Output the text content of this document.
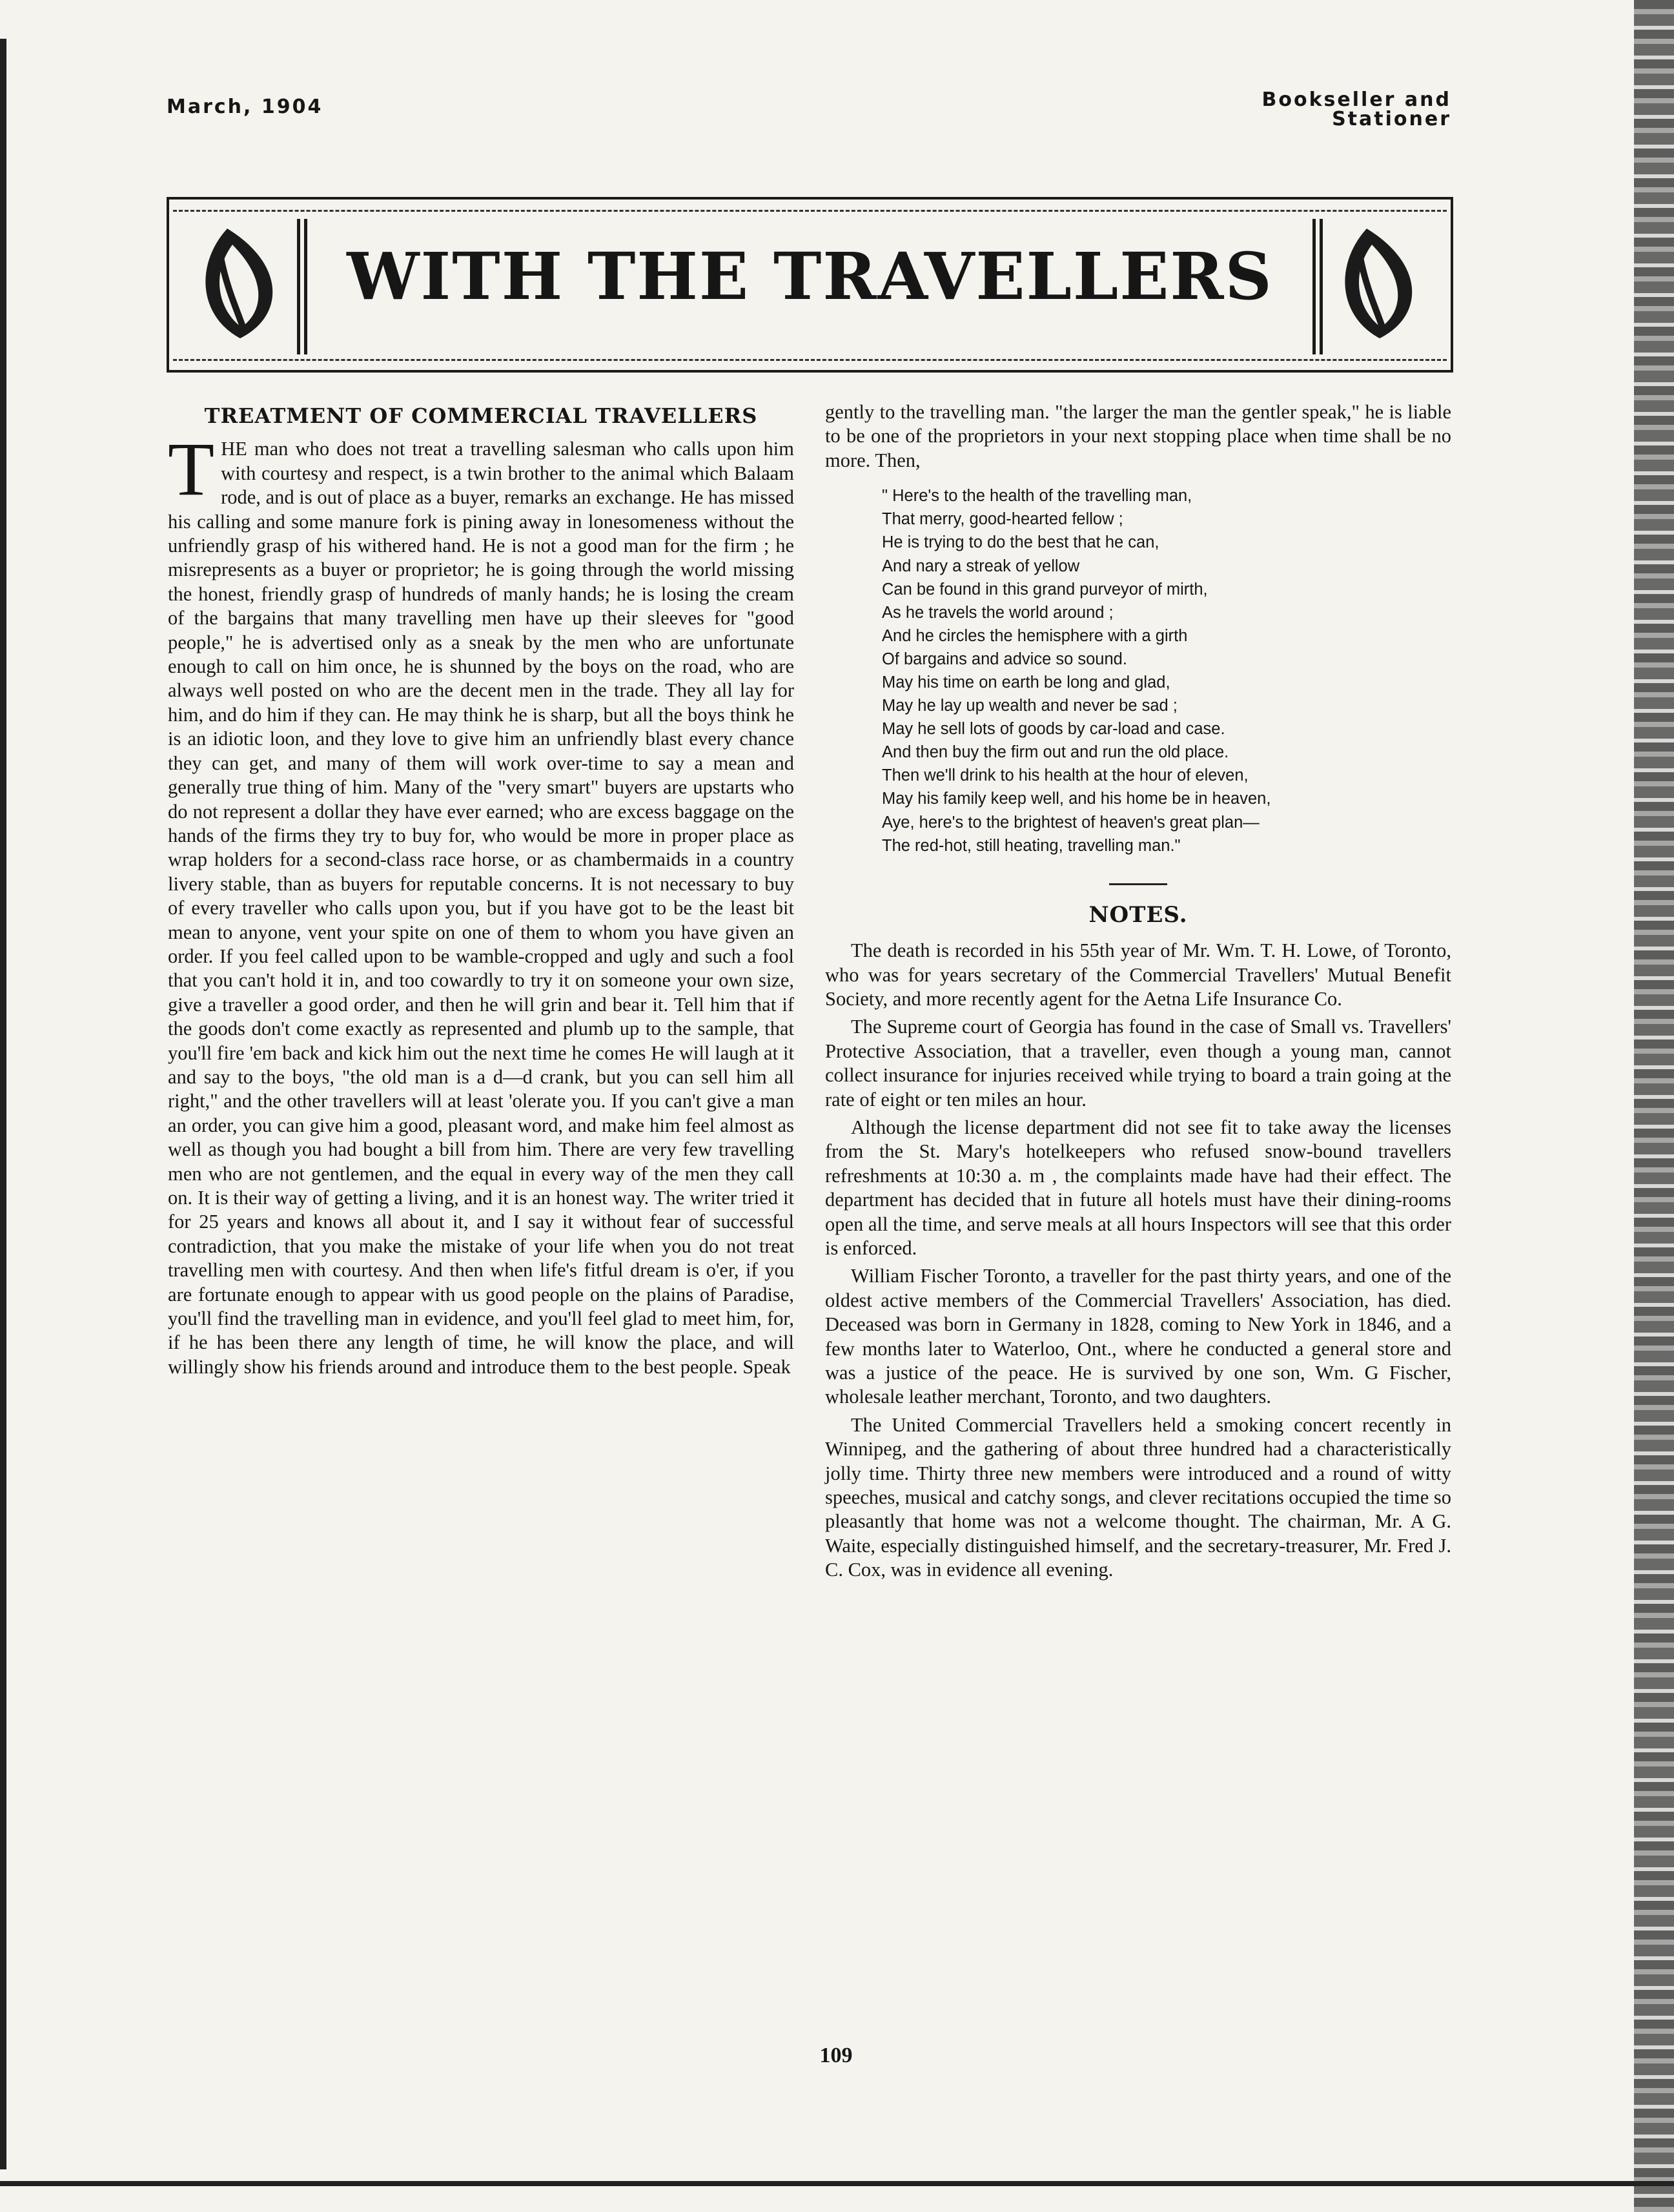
March, 1904	Bookseller and
Stationer
WITH THE TRAVELLERS
TREATMENT OF COMMERCIAL TRAVELLERS

THE man who does not treat a travelling salesman who calls upon him with courtesy and respect, is a twin brother to the animal which Balaam rode, and is out of place as a buyer, remarks an exchange. He has missed his calling and some manure fork is pining away in lonesomeness without the unfriendly grasp of his withered hand. He is not a good man for the firm ; he misrepresents as a buyer or proprietor; he is going through the world missing the honest, friendly grasp of hundreds of manly hands; he is losing the cream of the bargains that many travelling men have up their sleeves for "good people," he is advertised only as a sneak by the men who are unfortunate enough to call on him once, he is shunned by the boys on the road, who are always well posted on who are the decent men in the trade. They all lay for him, and do him if they can. He may think he is sharp, but all the boys think he is an idiotic loon, and they love to give him an unfriendly blast every chance they can get, and many of them will work over-time to say a mean and generally true thing of him. Many of the "very smart" buyers are upstarts who do not represent a dollar they have ever earned; who are excess baggage on the hands of the firms they try to buy for, who would be more in proper place as wrap holders for a second-class race horse, or as chambermaids in a country livery stable, than as buyers for reputable concerns. It is not necessary to buy of every traveller who calls upon you, but if you have got to be the least bit mean to anyone, vent your spite on one of them to whom you have given an order. If you feel called upon to be wamble-cropped and ugly and such a fool that you can't hold it in, and too cowardly to try it on someone your own size, give a traveller a good order, and then he will grin and bear it. Tell him that if the goods don't come exactly as represented and plumb up to the sample, that you'll fire 'em back and kick him out the next time he comes He will laugh at it and say to the boys, "the old man is a d—d crank, but you can sell him all right," and the other travellers will at least 'olerate you. If you can't give a man an order, you can give him a good, pleasant word, and make him feel almost as well as though you had bought a bill from him. There are very few travelling men who are not gentlemen, and the equal in every way of the men they call on. It is their way of getting a living, and it is an honest way. The writer tried it for 25 years and knows all about it, and I say it without fear of successful contradiction, that you make the mistake of your life when you do not treat travelling men with courtesy. And then when life's fitful dream is o'er, if you are fortunate enough to appear with us good people on the plains of Paradise, you'll find the travelling man in evidence, and you'll feel glad to meet him, for, if he has been there any length of time, he will know the place, and will willingly show his friends around and introduce them to the best people. Speak

gently to the travelling man. "the larger the man the gentler speak," he is liable to be one of the proprietors in your next stopping place when time shall be no more. Then,

" Here's to the health of the travelling man,
That merry, good-hearted fellow ;
He is trying to do the best that he can,
And nary a streak of yellow
Can be found in this grand purveyor of mirth,
As he travels the world around ;
And he circles the hemisphere with a girth
Of bargains and advice so sound.
May his time on earth be long and glad,
May he lay up wealth and never be sad ;
May he sell lots of goods by car-load and case.
And then buy the firm out and run the old place.
Then we'll drink to his health at the hour of eleven,
May his family keep well, and his home be in heaven,
Aye, here's to the brightest of heaven's great plan—
The red-hot, still heating, travelling man."
NOTES.

The death is recorded in his 55th year of Mr. Wm. T. H. Lowe, of Toronto, who was for years secretary of the Commercial Travellers' Mutual Benefit Society, and more recently agent for the Aetna Life Insurance Co.

The Supreme court of Georgia has found in the case of Small vs. Travellers' Protective Association, that a traveller, even though a young man, cannot collect insurance for injuries received while trying to board a train going at the rate of eight or ten miles an hour.

Although the license department did not see fit to take away the licenses from the St. Mary's hotelkeepers who refused snow-bound travellers refreshments at 10:30 a. m , the complaints made have had their effect. The department has decided that in future all hotels must have their dining-rooms open all the time, and serve meals at all hours Inspectors will see that this order is enforced.

William Fischer Toronto, a traveller for the past thirty years, and one of the oldest active members of the Commercial Travellers' Association, has died. Deceased was born in Germany in 1828, coming to New York in 1846, and a few months later to Waterloo, Ont., where he conducted a general store and was a justice of the peace. He is survived by one son, Wm. G Fischer, wholesale leather merchant, Toronto, and two daughters.

The United Commercial Travellers held a smoking concert recently in Winnipeg, and the gathering of about three hundred had a characteristically jolly time. Thirty three new members were introduced and a round of witty speeches, musical and catchy songs, and clever recitations occupied the time so pleasantly that home was not a welcome thought. The chairman, Mr. A G. Waite, especially distinguished himself, and the secretary-treasurer, Mr. Fred J. C. Cox, was in evidence all evening.

109
